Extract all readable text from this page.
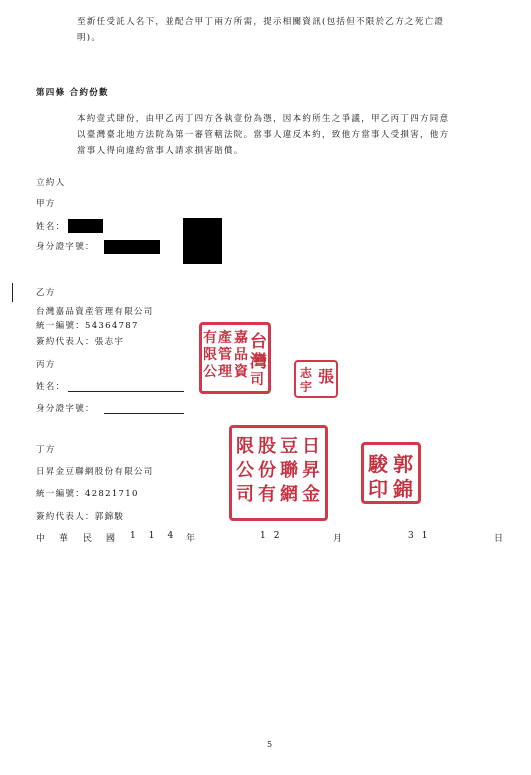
至新任受託人名下，並配合甲丁兩方所需，提示相關資訊(包括但不限於乙方之死亡證
明)。
第四條 合約份數
本約壹式肆份，由甲乙丙丁四方各執壹份為憑，因本約所生之爭議，甲乙丙丁四方同意
以臺灣臺北地方法院為第一審管轄法院。當事人違反本約，致他方當事人受損害，他方
當事人得向違約當事人請求損害賠償。
立約人
甲方
姓名：
身分證字號：
乙方
台灣嘉品資產管理有限公司
統一編號：54364787
簽約代表人：張志宇
丙方
姓名：
身分證字號：
丁方
日昇金豆聯網股份有限公司
統一編號：42821710
簽約代表人：郭錦駿
台
灣
嘉
品
資
產
管
理
有
限
公 司	張
志
宇
日
昇
金
豆
聯
網
股
份
有
限
公
司
郭
錦
駿
印
中 華 民 國 114 年	12	月	31	日
5
